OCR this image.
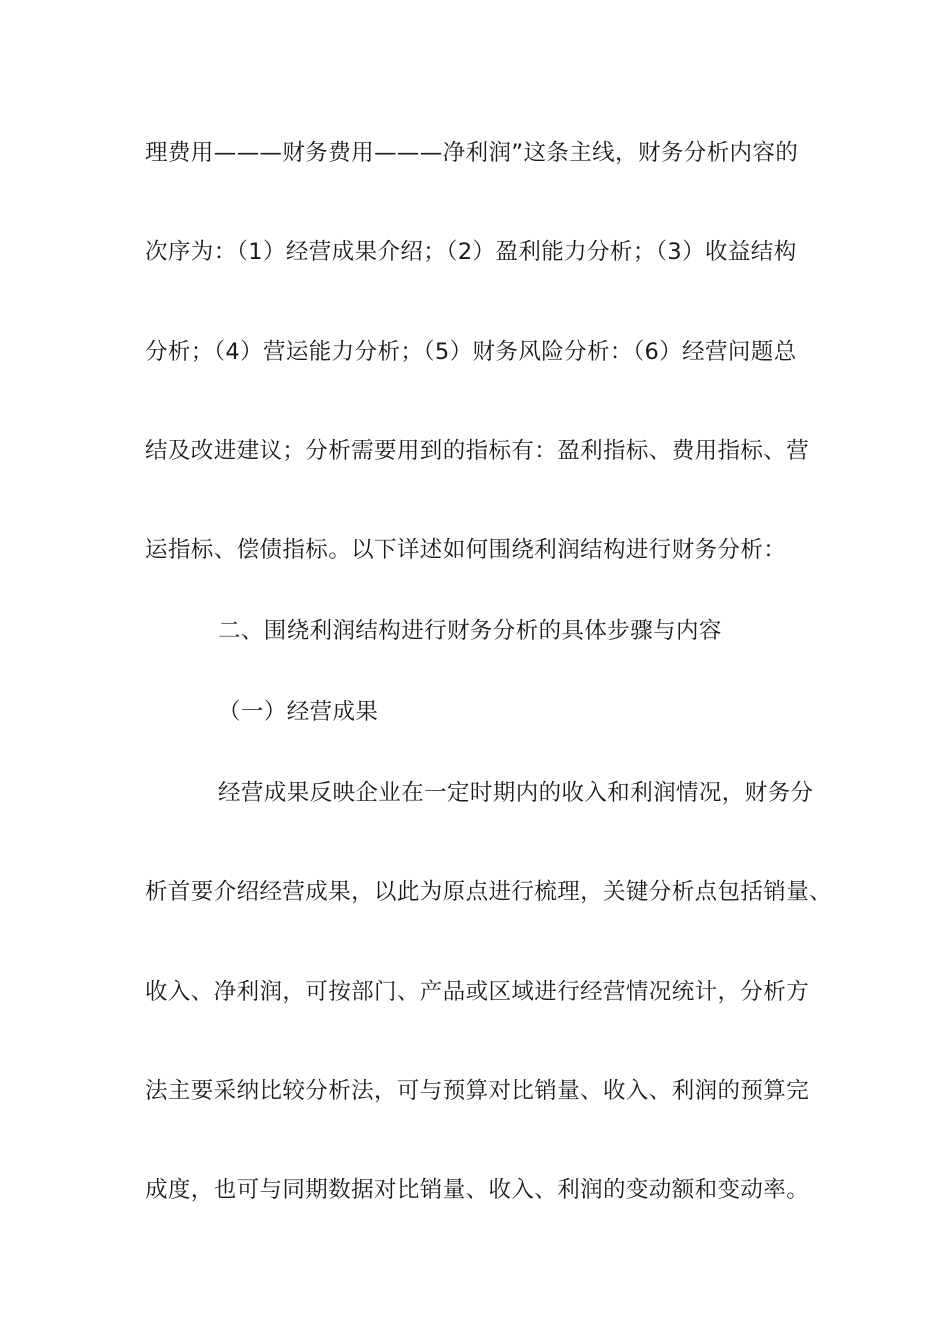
理费用———财务费用———净利润”这条主线，财务分析内容的
次序为：（1）经营成果介绍；（2）盈利能力分析；（3）收益结构
分析；（4）营运能力分析；（5）财务风险分析：（6）经营问题总
结及改进建议；分析需要用到的指标有：盈利指标、费用指标、营
运指标、偿债指标。以下详述如何围绕利润结构进行财务分析：
二、围绕利润结构进行财务分析的具体步骤与内容
（一）经营成果
经营成果反映企业在一定时期内的收入和利润情况，财务分
析首要介绍经营成果，以此为原点进行梳理，关键分析点包括销量、
收入、净利润，可按部门、产品或区域进行经营情况统计，分析方
法主要采纳比较分析法，可与预算对比销量、收入、利润的预算完
成度，也可与同期数据对比销量、收入、利润的变动额和变动率。
